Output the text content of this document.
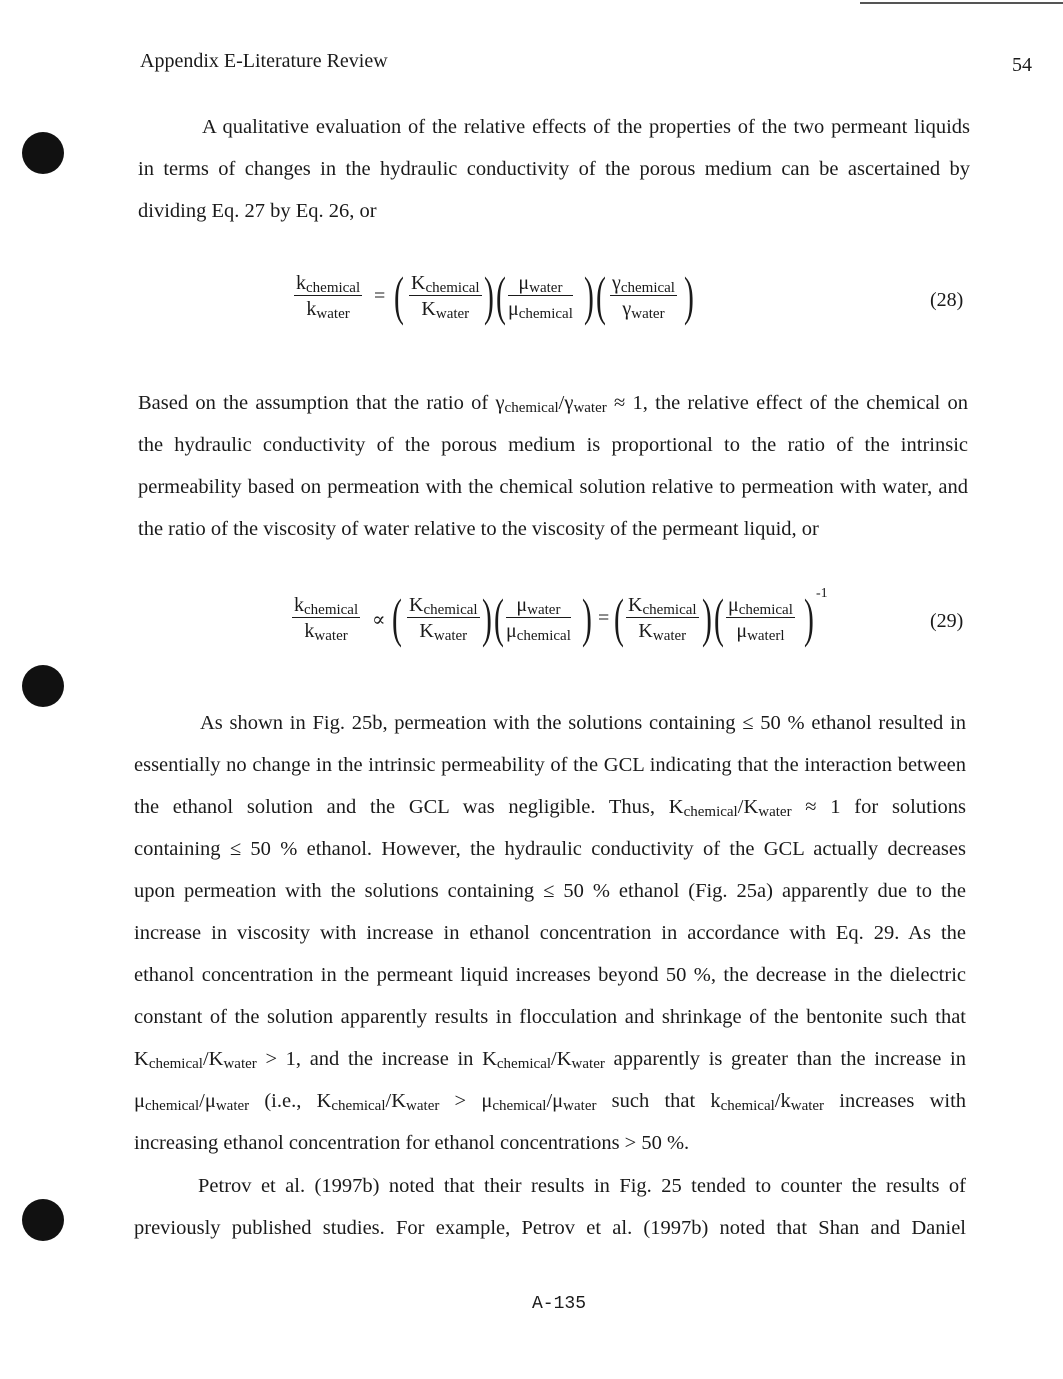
Appendix E-Literature Review	54
A qualitative evaluation of the relative effects of the properties of the two permeant liquids
in terms of changes in the hydraulic conductivity of the porous medium can be ascertained by
dividing Eq. 27 by Eq. 26, or
$k_{chemical}$
$k_{water}$
= ( $K_{chemical}$
$K_{water}$ ) ( $\mu_{water}$
$\mu_{chemical}$ ) ( $\gamma_{chemical}$
$\gamma_{water}$ )	(28)
Based on the assumption that the ratio of $\gamma_{chemical}/\gamma_{water} \approx 1$, the relative effect of the chemical on
the hydraulic conductivity of the porous medium is proportional to the ratio of the intrinsic
permeability based on permeation with the chemical solution relative to permeation with water, and
the ratio of the viscosity of water relative to the viscosity of the permeant liquid, or
$k_{chemical}$
$k_{water}$
∝ ( $K_{chemical}$
$K_{water}$ ) ( $\mu_{water}$
$\mu_{chemical}$ ) = ( $K_{chemical}$
$K_{water}$ ) ( $\mu_{chemical}$
$\mu_{waterl}$ ) -1
(29)
As shown in Fig. 25b, permeation with the solutions containing ≤ 50 % ethanol resulted in
essentially no change in the intrinsic permeability of the GCL indicating that the interaction between
the ethanol solution and the GCL was negligible. Thus, $K_{chemical}/K_{water} \approx 1$ for solutions
containing ≤ 50 % ethanol. However, the hydraulic conductivity of the GCL actually decreases
upon permeation with the solutions containing ≤ 50 % ethanol (Fig. 25a) apparently due to the
increase in viscosity with increase in ethanol concentration in accordance with Eq. 29. As the
ethanol concentration in the permeant liquid increases beyond 50 %, the decrease in the dielectric
constant of the solution apparently results in flocculation and shrinkage of the bentonite such that
$K_{chemical}/K_{water} > 1$, and the increase in $K_{chemical}/K_{water}$ apparently is greater than the increase in
$\mu_{chemical}/\mu_{water}$ (i.e., $K_{chemical}/K_{water} > \mu_{chemical}/\mu_{water}$ such that $k_{chemical}/k_{water}$ increases with
increasing ethanol concentration for ethanol concentrations > 50 %.
Petrov et al. (1997b) noted that their results in Fig. 25 tended to counter the results of
previously published studies. For example, Petrov et al. (1997b) noted that Shan and Daniel
A-135
